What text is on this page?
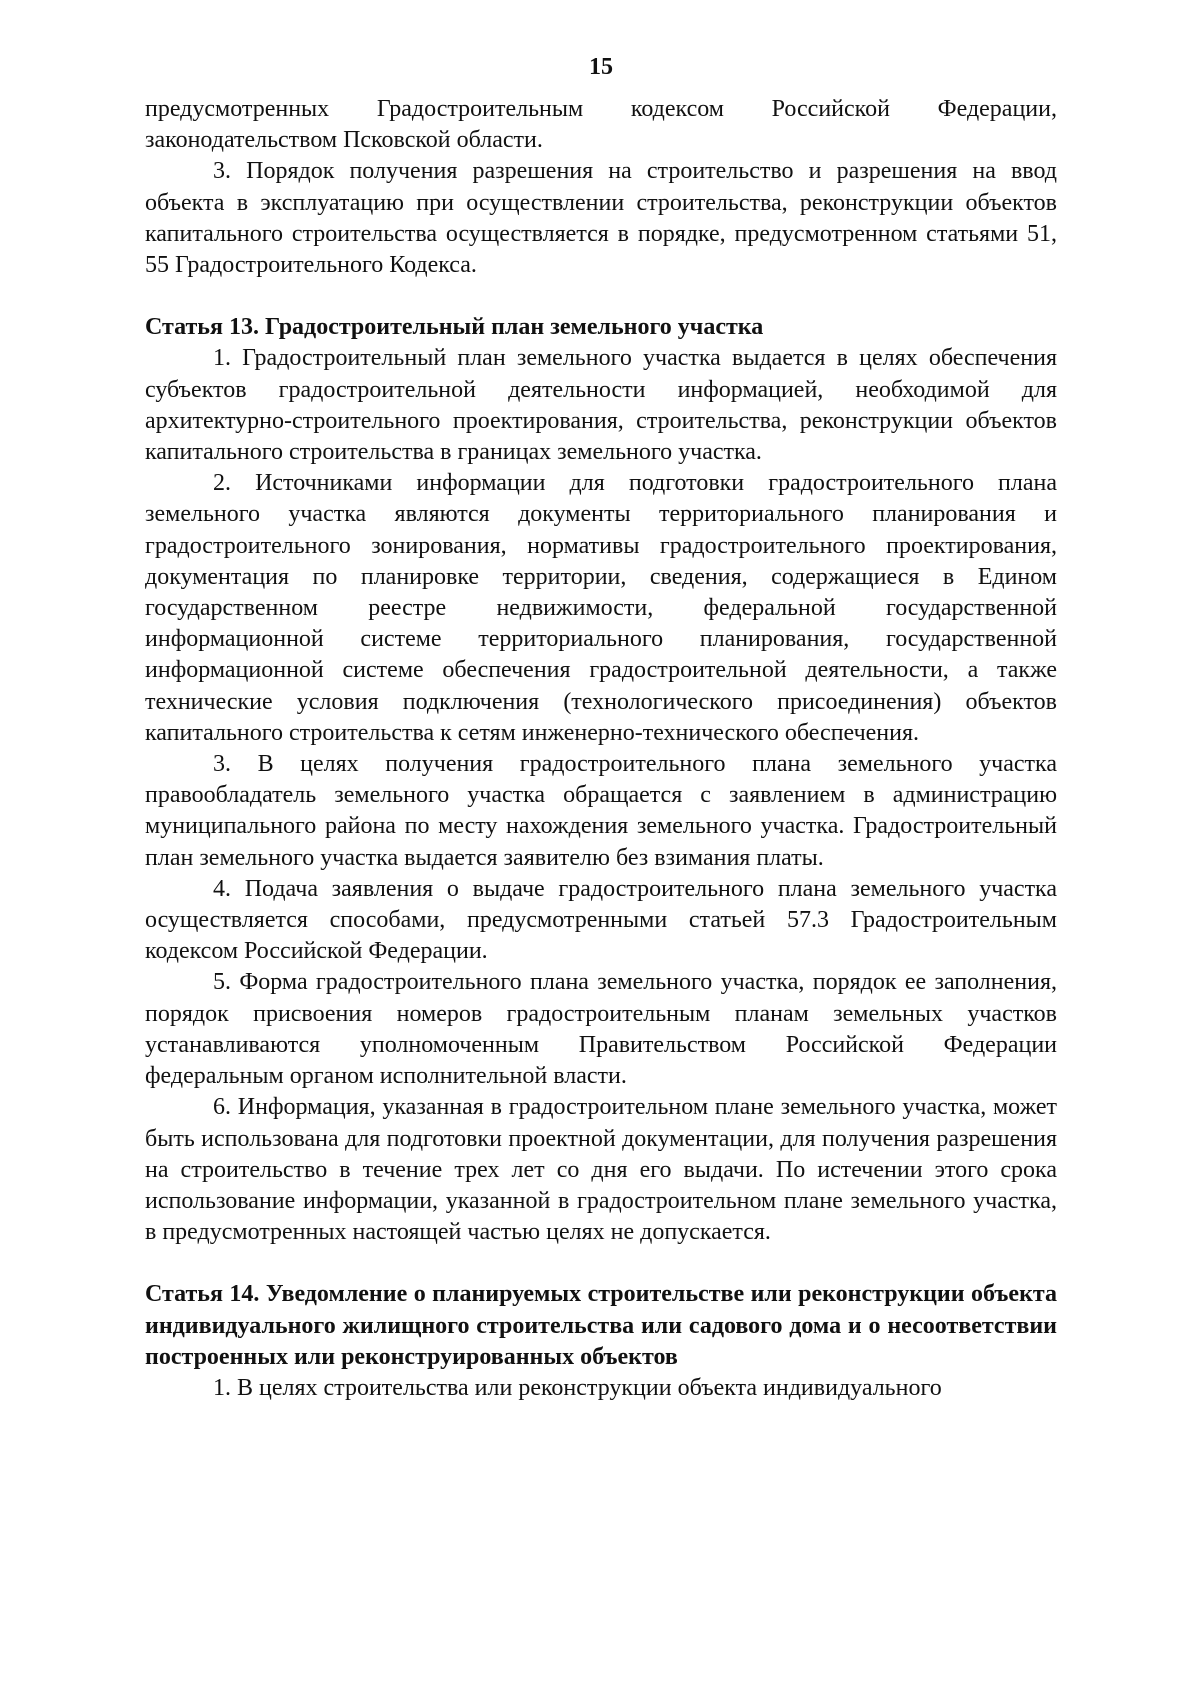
15

предусмотренных Градостроительным кодексом Российской Федерации, законодательством Псковской области.

3. Порядок получения разрешения на строительство и разрешения на ввод объекта в эксплуатацию при осуществлении строительства, реконструкции объектов капитального строительства осуществляется в порядке, предусмотренном статьями 51, 55 Градостроительного Кодекса.

Статья 13. Градостроительный план земельного участка

1. Градостроительный план земельного участка выдается в целях обеспечения субъектов градостроительной деятельности информацией, необходимой для архитектурно-строительного проектирования, строительства, реконструкции объектов капитального строительства в границах земельного участка.

2. Источниками информации для подготовки градостроительного плана земельного участка являются документы территориального планирования и градостроительного зонирования, нормативы градостроительного проектирования, документация по планировке территории, сведения, содержащиеся в Едином государственном реестре недвижимости, федеральной государственной информационной системе территориального планирования, государственной информационной системе обеспечения градостроительной деятельности, а также технические условия подключения (технологического присоединения) объектов капитального строительства к сетям инженерно-технического обеспечения.

3. В целях получения градостроительного плана земельного участка правообладатель земельного участка обращается с заявлением в администрацию муниципального района по месту нахождения земельного участка. Градостроительный план земельного участка выдается заявителю без взимания платы.

4. Подача заявления о выдаче градостроительного плана земельного участка осуществляется способами, предусмотренными статьей 57.3 Градостроительным кодексом Российской Федерации.

5. Форма градостроительного плана земельного участка, порядок ее заполнения, порядок присвоения номеров градостроительным планам земельных участков устанавливаются уполномоченным Правительством Российской Федерации федеральным органом исполнительной власти.

6. Информация, указанная в градостроительном плане земельного участка, может быть использована для подготовки проектной документации, для получения разрешения на строительство в течение трех лет со дня его выдачи. По истечении этого срока использование информации, указанной в градостроительном плане земельного участка, в предусмотренных настоящей частью целях не допускается.

Статья 14. Уведомление о планируемых строительстве или реконструкции объекта индивидуального жилищного строительства или садового дома и о несоответствии построенных или реконструированных объектов

1. В целях строительства или реконструкции объекта индивидуального
